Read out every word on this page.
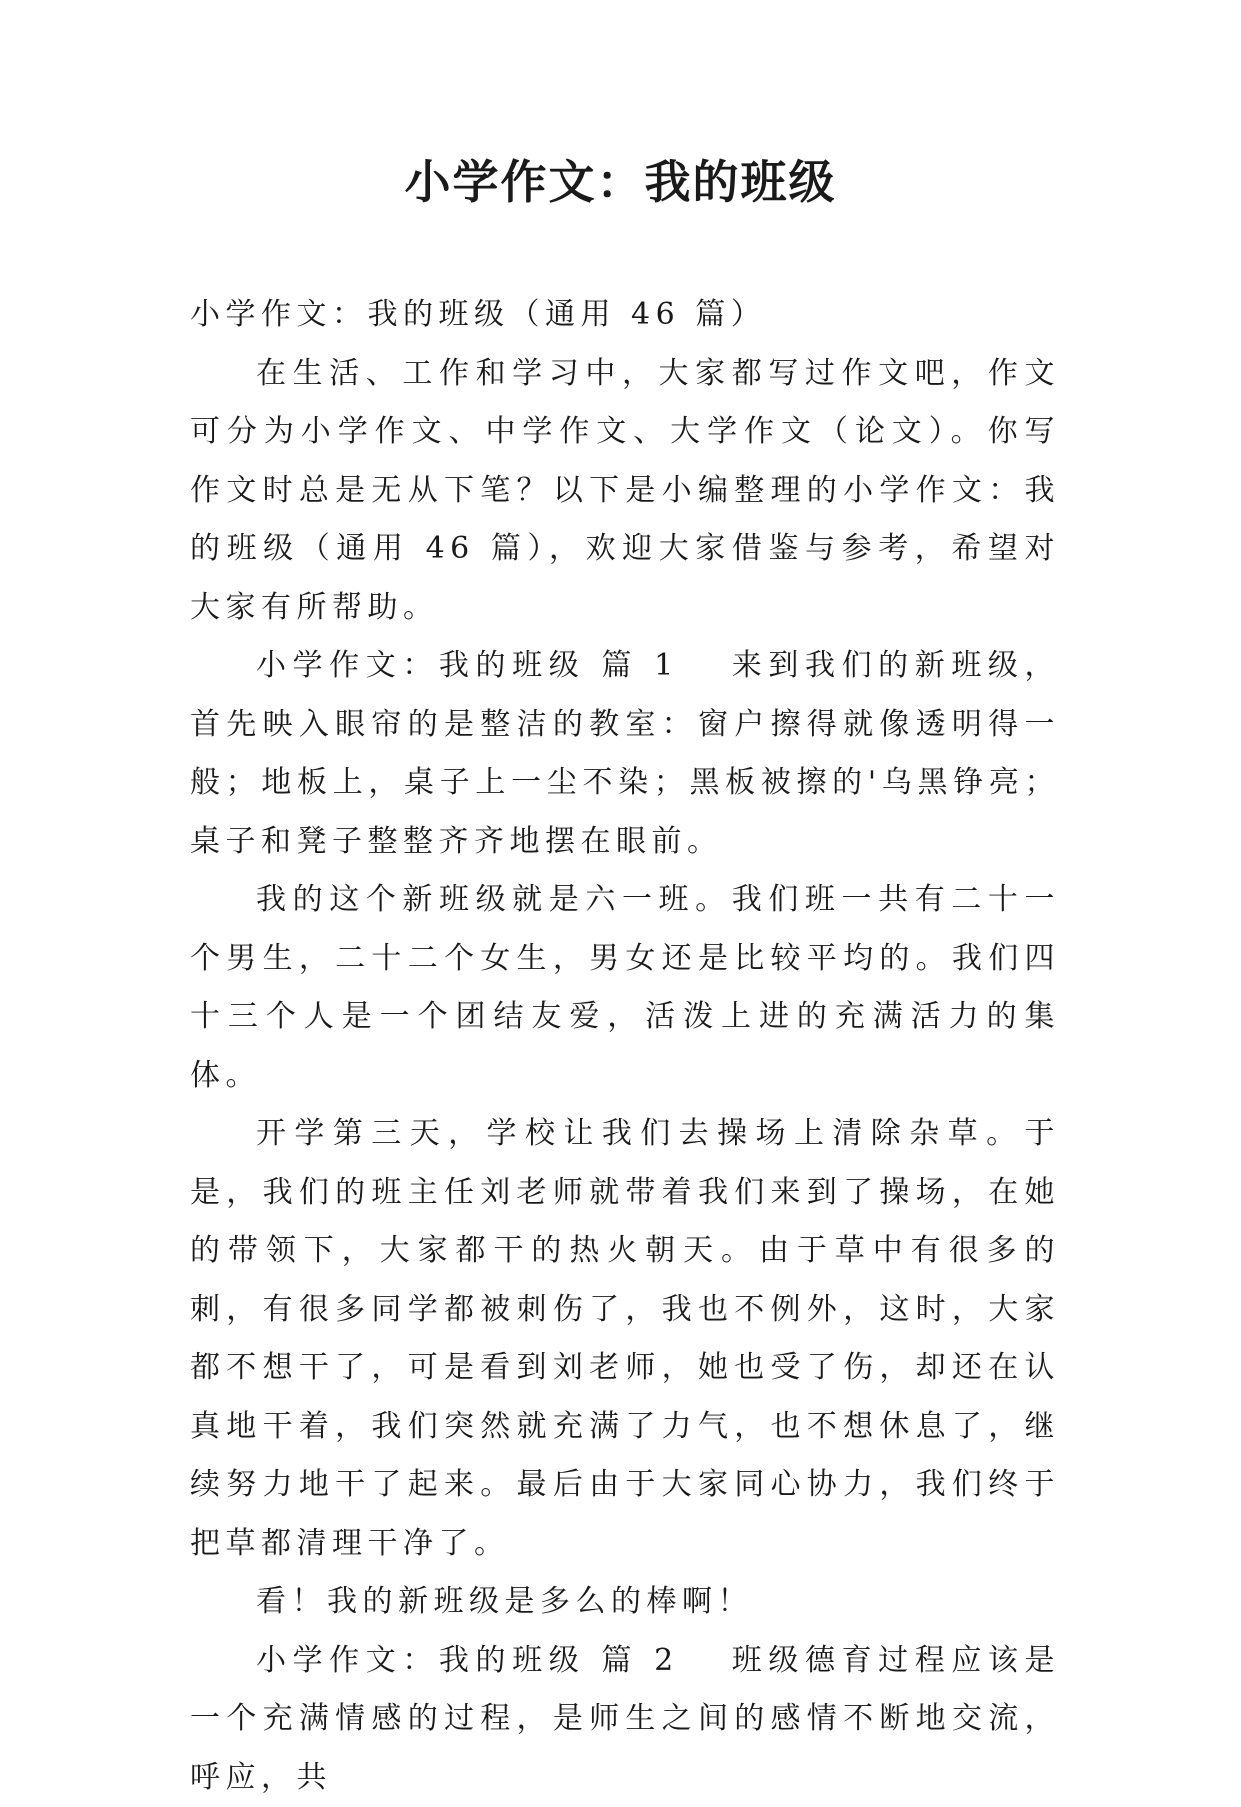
小学作文：我的班级

小学作文：我的班级（通用 46 篇）

在生活、工作和学习中，大家都写过作文吧，作文可分为小学作文、中学作文、大学作文（论文）。你写作文时总是无从下笔？以下是小编整理的小学作文：我的班级（通用 46 篇），欢迎大家借鉴与参考，希望对大家有所帮助。

小学作文：我的班级 篇 1 来到我们的新班级，首先映入眼帘的是整洁的教室：窗户擦得就像透明得一般；地板上，桌子上一尘不染；黑板被擦的'乌黑铮亮；桌子和凳子整整齐齐地摆在眼前。

我的这个新班级就是六一班。我们班一共有二十一个男生，二十二个女生，男女还是比较平均的。我们四十三个人是一个团结友爱，活泼上进的充满活力的集体。

开学第三天，学校让我们去操场上清除杂草。于是，我们的班主任刘老师就带着我们来到了操场，在她的带领下，大家都干的热火朝天。由于草中有很多的刺，有很多同学都被刺伤了，我也不例外，这时，大家都不想干了，可是看到刘老师，她也受了伤，却还在认真地干着，我们突然就充满了力气，也不想休息了，继续努力地干了起来。最后由于大家同心协力，我们终于把草都清理干净了。

看！我的新班级是多么的棒啊！

小学作文：我的班级 篇 2 班级德育过程应该是一个充满情感的过程，是师生之间的感情不断地交流，呼应，共
